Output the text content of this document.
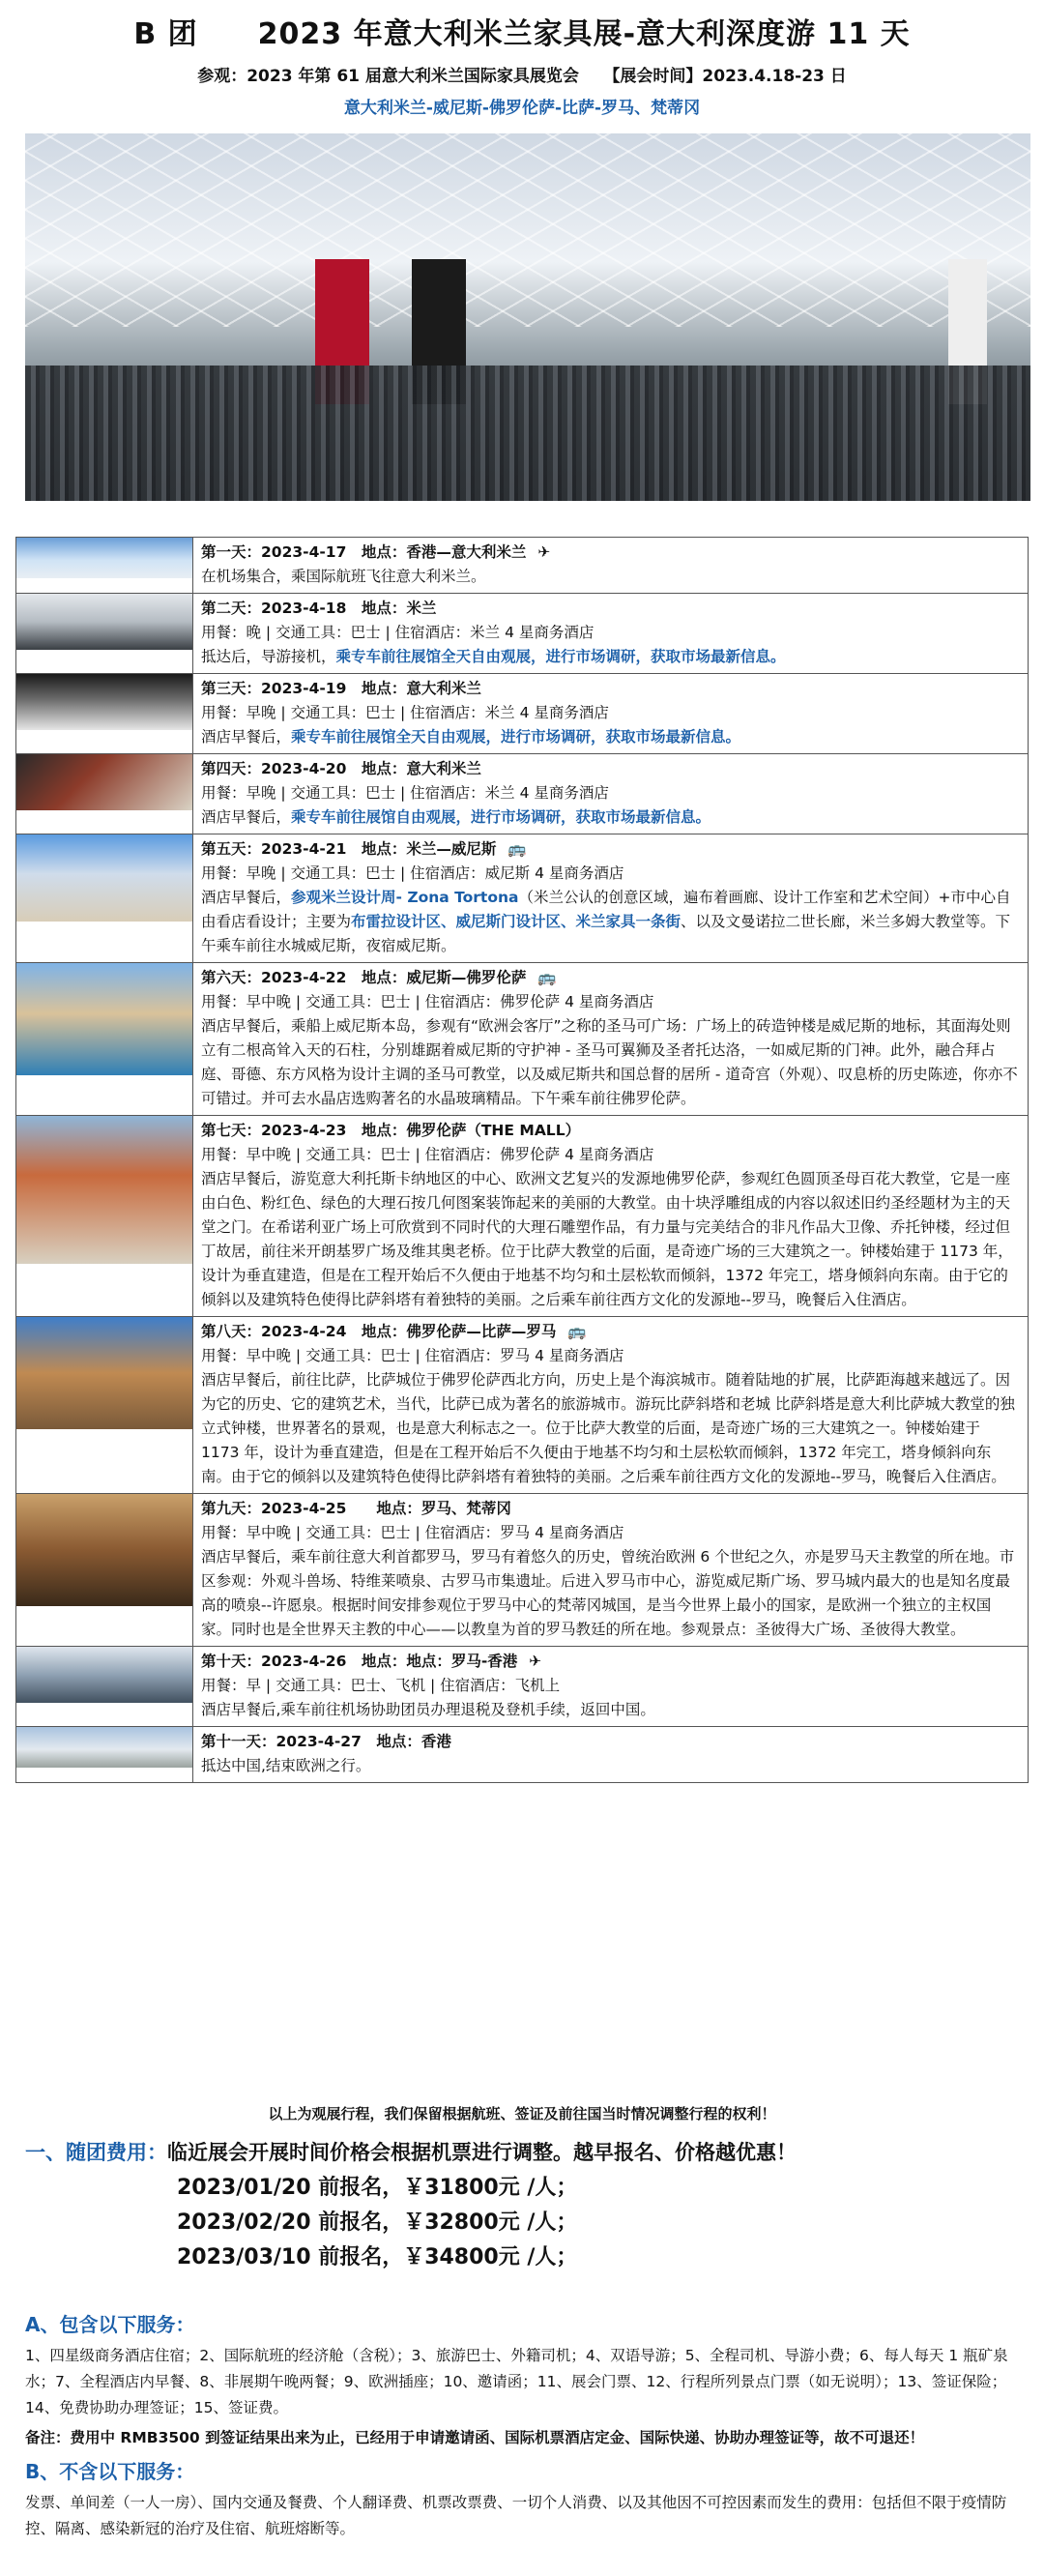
B 团　　2023 年意大利米兰家具展-意大利深度游 11 天
参观：2023 年第 61 届意大利米兰国际家具展览会　　【展会时间】2023.4.18-23 日
意大利米兰-威尼斯-佛罗伦萨-比萨-罗马、梵蒂冈

	第一天：2023-4-17　地点：香港—意大利米兰 ✈
在机场集合，乘国际航班飞往意大利米兰。

	第二天：2023-4-18　地点：米兰
用餐：晚 | 交通工具：巴士 | 住宿酒店：米兰 4 星商务酒店
抵达后，导游接机，乘专车前往展馆全天自由观展，进行市场调研，获取市场最新信息。

	第三天：2023-4-19　地点：意大利米兰
用餐：早晚 | 交通工具：巴士 | 住宿酒店：米兰 4 星商务酒店
酒店早餐后，乘专车前往展馆全天自由观展，进行市场调研，获取市场最新信息。

	第四天：2023-4-20　地点：意大利米兰
用餐：早晚 | 交通工具：巴士 | 住宿酒店：米兰 4 星商务酒店
酒店早餐后，乘专车前往展馆自由观展，进行市场调研，获取市场最新信息。

	第五天：2023-4-21　地点：米兰—威尼斯 🚌
用餐：早晚 | 交通工具：巴士 | 住宿酒店：威尼斯 4 星商务酒店
酒店早餐后，参观米兰设计周- Zona Tortona（米兰公认的创意区域，遍布着画廊、设计工作室和艺术空间）+市中心自由看店看设计；主要为布雷拉设计区、威尼斯门设计区、米兰家具一条街、以及文曼诺拉二世长廊，米兰多姆大教堂等。下午乘车前往水城威尼斯，夜宿威尼斯。

	第六天：2023-4-22　地点：威尼斯—佛罗伦萨 🚌
用餐：早中晚 | 交通工具：巴士 | 住宿酒店：佛罗伦萨 4 星商务酒店
酒店早餐后，乘船上威尼斯本岛，参观有“欧洲会客厅”之称的圣马可广场：广场上的砖造钟楼是威尼斯的地标，其面海处则立有二根高耸入天的石柱，分别雄踞着威尼斯的守护神 - 圣马可翼狮及圣者托达洛，一如威尼斯的门神。此外，融合拜占庭、哥德、东方风格为设计主调的圣马可教堂，以及威尼斯共和国总督的居所 - 道奇宫（外观）、叹息桥的历史陈迹，你亦不可错过。并可去水晶店选购著名的水晶玻璃精品。下午乘车前往佛罗伦萨。

	第七天：2023-4-23　地点：佛罗伦萨（THE MALL）
用餐：早中晚 | 交通工具：巴士 | 住宿酒店：佛罗伦萨 4 星商务酒店
酒店早餐后，游览意大利托斯卡纳地区的中心、欧洲文艺复兴的发源地佛罗伦萨，参观红色圆顶圣母百花大教堂，它是一座由白色、粉红色、绿色的大理石按几何图案装饰起来的美丽的大教堂。由十块浮雕组成的内容以叙述旧约圣经题材为主的天堂之门。在希诺利亚广场上可欣赏到不同时代的大理石雕塑作品，有力量与完美结合的非凡作品大卫像、乔托钟楼，经过但丁故居，前往米开朗基罗广场及维其奥老桥。位于比萨大教堂的后面，是奇迹广场的三大建筑之一。钟楼始建于 1173 年，设计为垂直建造，但是在工程开始后不久便由于地基不均匀和土层松软而倾斜，1372 年完工，塔身倾斜向东南。由于它的倾斜以及建筑特色使得比萨斜塔有着独特的美丽。之后乘车前往西方文化的发源地--罗马，晚餐后入住酒店。

	第八天：2023-4-24　地点：佛罗伦萨—比萨—罗马 🚌
用餐：早中晚 | 交通工具：巴士 | 住宿酒店：罗马 4 星商务酒店
酒店早餐后，前往比萨，比萨城位于佛罗伦萨西北方向，历史上是个海滨城市。随着陆地的扩展，比萨距海越来越远了。因为它的历史、它的建筑艺术，当代，比萨已成为著名的旅游城市。游玩比萨斜塔和老城 比萨斜塔是意大利比萨城大教堂的独立式钟楼，世界著名的景观，也是意大利标志之一。位于比萨大教堂的后面，是奇迹广场的三大建筑之一。钟楼始建于 1173 年，设计为垂直建造，但是在工程开始后不久便由于地基不均匀和土层松软而倾斜，1372 年完工，塔身倾斜向东南。由于它的倾斜以及建筑特色使得比萨斜塔有着独特的美丽。之后乘车前往西方文化的发源地--罗马，晚餐后入住酒店。

	第九天：2023-4-25　　地点：罗马、梵蒂冈
用餐：早中晚 | 交通工具：巴士 | 住宿酒店：罗马 4 星商务酒店
酒店早餐后，乘车前往意大利首都罗马，罗马有着悠久的历史，曾统治欧洲 6 个世纪之久，亦是罗马天主教堂的所在地。市区参观：外观斗兽场、特维莱喷泉、古罗马市集遗址。后进入罗马市中心，游览威尼斯广场、罗马城内最大的也是知名度最高的喷泉--许愿泉。根据时间安排参观位于罗马中心的梵蒂冈城国，是当今世界上最小的国家，是欧洲一个独立的主权国家。同时也是全世界天主教的中心——以教皇为首的罗马教廷的所在地。参观景点：圣彼得大广场、圣彼得大教堂。

	第十天：2023-4-26　地点：地点：罗马-香港 ✈
用餐：早 | 交通工具：巴士、飞机 | 住宿酒店：飞机上
酒店早餐后,乘车前往机场协助团员办理退税及登机手续，返回中国。

	第十一天：2023-4-27　地点：香港
抵达中国,结束欧洲之行。
以上为观展行程，我们保留根据航班、签证及前往国当时情况调整行程的权利！
一、随团费用：临近展会开展时间价格会根据机票进行调整。越早报名、价格越优惠！
2023/01/20 前报名，￥31800元 /人；
2023/02/20 前报名，￥32800元 /人；
2023/03/10 前报名，￥34800元 /人；
A、包含以下服务：
1、四星级商务酒店住宿；2、国际航班的经济舱（含税）；3、旅游巴士、外籍司机；4、双语导游；5、全程司机、导游小费；6、每人每天 1 瓶矿泉水；7、全程酒店内早餐、8、非展期午晚两餐；9、欧洲插座；10、邀请函；11、展会门票、12、行程所列景点门票（如无说明）；13、签证保险；14、免费协助办理签证；15、签证费。
备注：费用中 RMB3500 到签证结果出来为止，已经用于申请邀请函、国际机票酒店定金、国际快递、协助办理签证等，故不可退还！
B、不含以下服务：
发票、单间差（一人一房）、国内交通及餐费、个人翻译费、机票改票费、一切个人消费、以及其他因不可控因素而发生的费用：包括但不限于疫情防控、隔离、感染新冠的治疗及住宿、航班熔断等。
